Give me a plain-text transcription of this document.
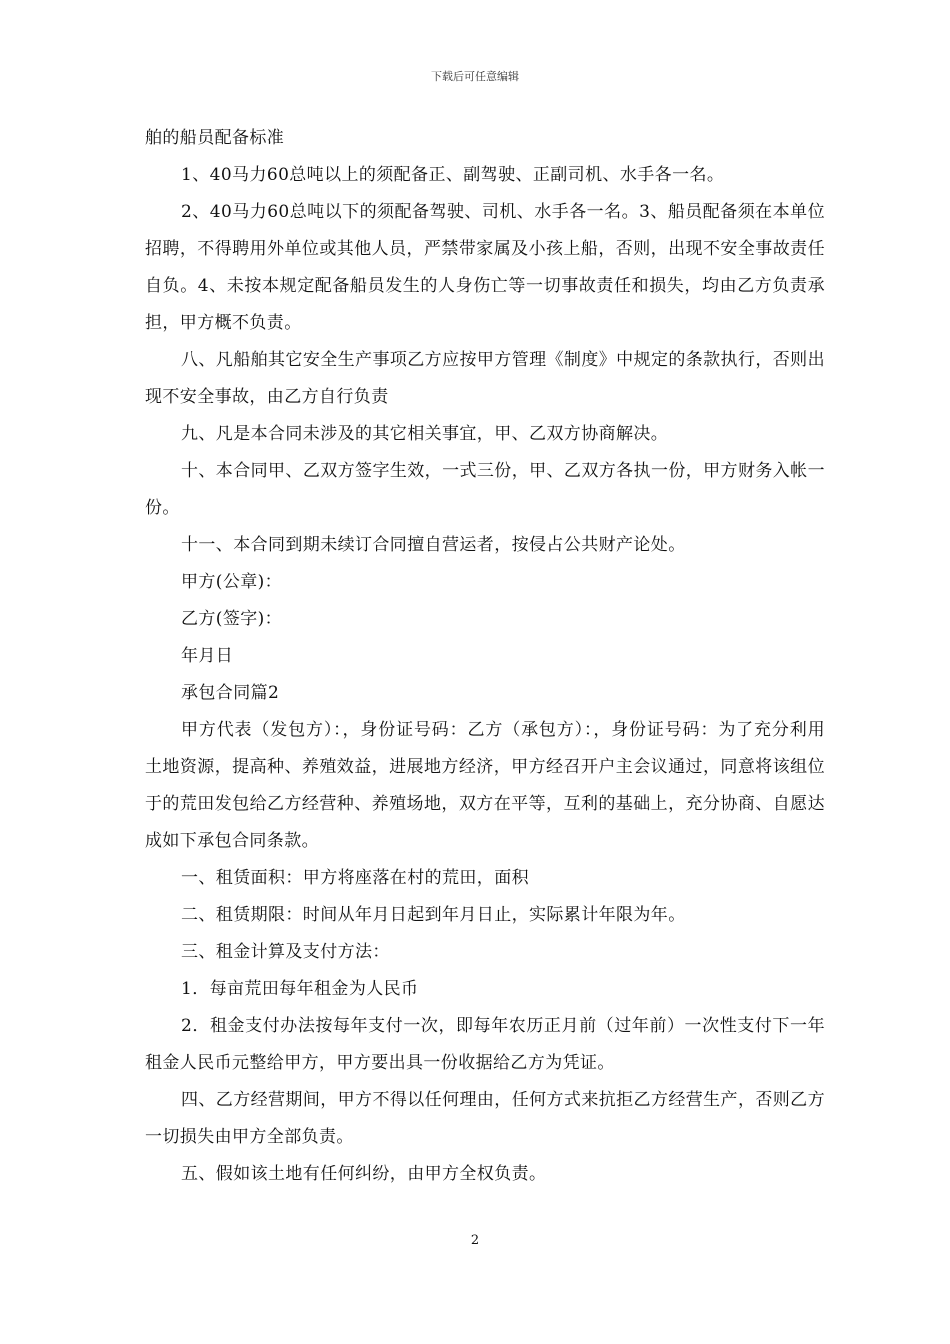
下载后可任意编辑

舶的船员配备标准

1、40马力60总吨以上的须配备正、副驾驶、正副司机、水手各一名。

2、40马力60总吨以下的须配备驾驶、司机、水手各一名。3、船员配备须在本单位招聘，不得聘用外单位或其他人员，严禁带家属及小孩上船，否则，出现不安全事故责任自负。4、未按本规定配备船员发生的人身伤亡等一切事故责任和损失，均由乙方负责承担，甲方概不负责。

八、凡船舶其它安全生产事项乙方应按甲方管理《制度》中规定的条款执行，否则出现不安全事故，由乙方自行负责

九、凡是本合同未涉及的其它相关事宜，甲、乙双方协商解决。

十、本合同甲、乙双方签字生效，一式三份，甲、乙双方各执一份，甲方财务入帐一份。

十一、本合同到期未续订合同擅自营运者，按侵占公共财产论处。

甲方(公章)：

乙方(签字)：

年月日

承包合同篇2

甲方代表（发包方）：，身份证号码：乙方（承包方）：，身份证号码：为了充分利用土地资源，提高种、养殖效益，进展地方经济，甲方经召开户主会议通过，同意将该组位于的荒田发包给乙方经营种、养殖场地，双方在平等，互利的基础上，充分协商、自愿达成如下承包合同条款。

一、租赁面积：甲方将座落在村的荒田，面积

二、租赁期限：时间从年月日起到年月日止，实际累计年限为年。

三、租金计算及支付方法：

1．每亩荒田每年租金为人民币

2．租金支付办法按每年支付一次，即每年农历正月前（过年前）一次性支付下一年租金人民币元整给甲方，甲方要出具一份收据给乙方为凭证。

四、乙方经营期间，甲方不得以任何理由，任何方式来抗拒乙方经营生产，否则乙方一切损失由甲方全部负责。

五、假如该土地有任何纠纷，由甲方全权负责。

2
